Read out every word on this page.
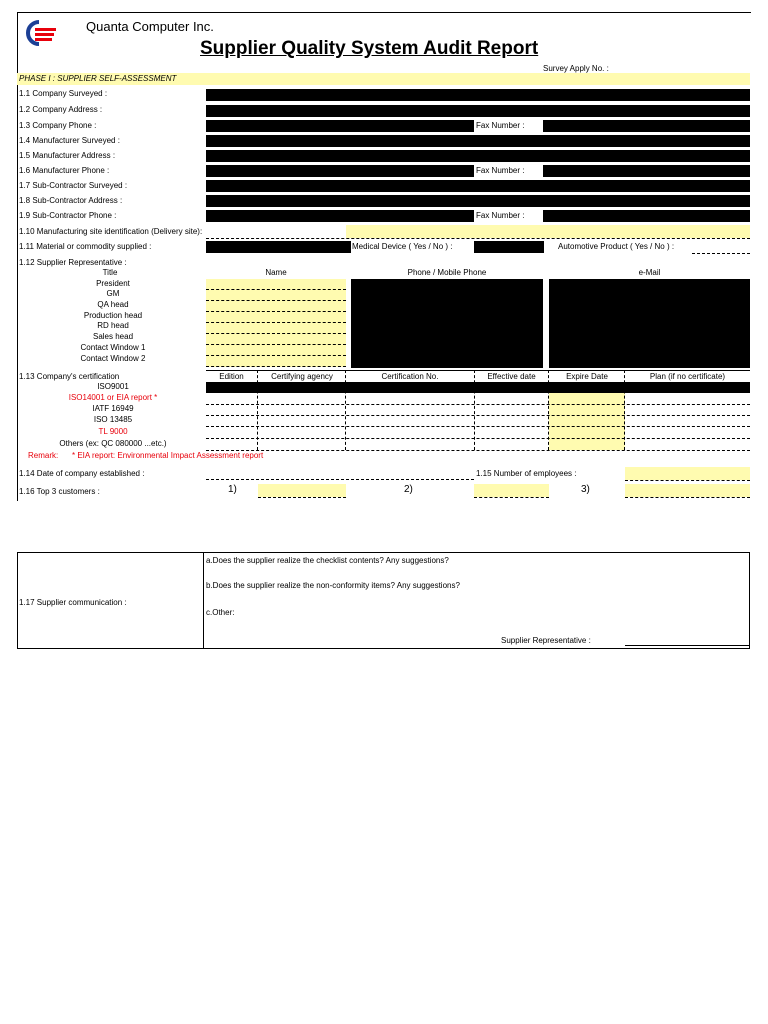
Quanta Computer Inc.
Supplier Quality System Audit Report
Survey Apply No. :
PHASE I : SUPPLIER SELF-ASSESSMENT
1.1 Company Surveyed :
1.2 Company Address :
1.3 Company Phone :	Fax Number :
1.4 Manufacturer Surveyed :
1.5 Manufacturer Address :
1.6 Manufacturer Phone :	Fax Number :
1.7 Sub-Contractor Surveyed :
1.8 Sub-Contractor Address :
1.9 Sub-Contractor Phone :	Fax Number :
1.10 Manufacturing site identification (Delivery site):
1.11 Material or commodity supplied :	Medical Device ( Yes / No ) :	Automotive Product ( Yes / No ) :
1.12 Supplier Representative :
Title	Name	Phone / Mobile Phone	e-Mail
President
GM
QA head
Production head
RD head
Sales head
Contact Window 1
Contact Window 2
1.13 Company's certification	Edition	Certifying agency	Certification No.	Effective date	Expire Date	Plan (if no certificate)
ISO9001
ISO14001 or EIA report *
IATF 16949
ISO 13485
TL 9000
Others (ex: QC 080000 ...etc.)
Remark: * EIA report: Environmental Impact Assessment report
1.14 Date of company established :	1.15 Number of employees :
1.16 Top 3 customers :	1)	2)	3)
1.17 Supplier communication :
a.Does the supplier realize the checklist contents? Any suggestions?
b.Does the supplier realize the non-conformity items? Any suggestions?
c.Other:
Supplier Representative :
